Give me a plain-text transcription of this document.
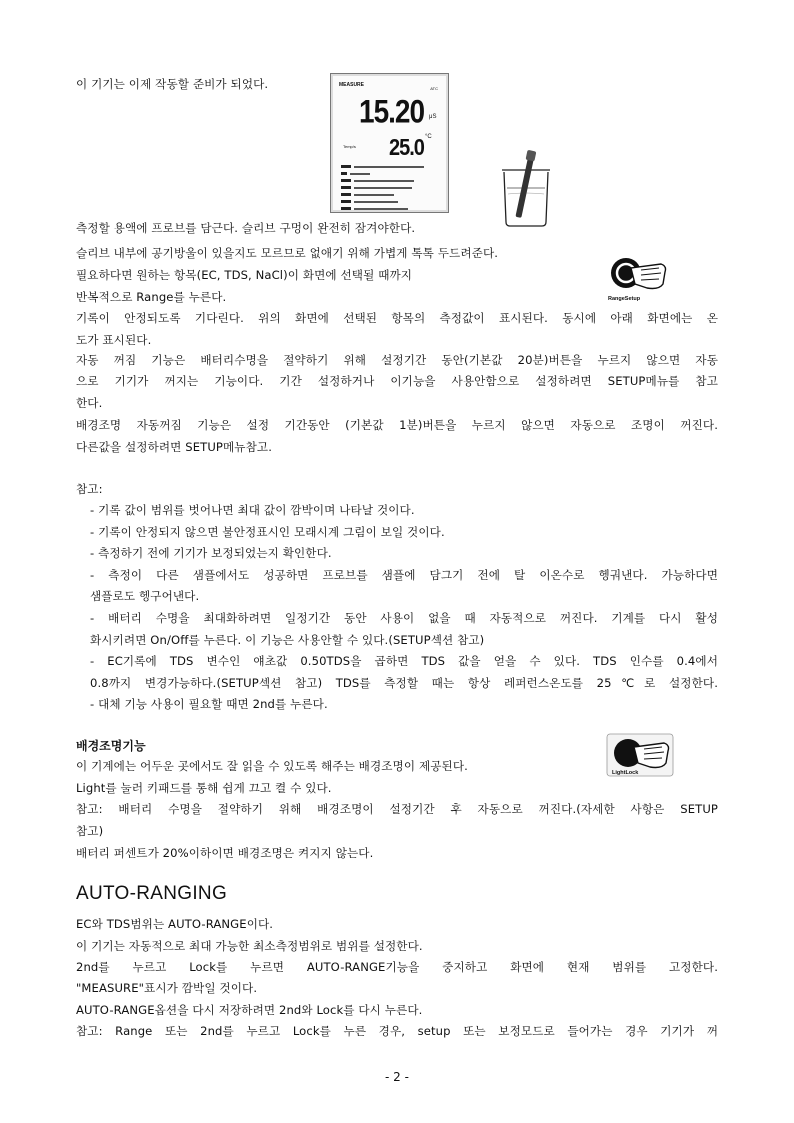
이 기기는 이제 작동할 준비가 되었다.	MEASURE
ATC
15.20 μS
Temp/s
°C
25.0
RangeSetup
측정할 용액에 프로브를 담근다. 슬리브 구멍이 완전히 잠겨야한다.
슬리브 내부에 공기방울이 있을지도 모르므로 없애기 위해 가볍게 톡톡 두드려준다.
필요하다면 원하는 항목(EC, TDS, NaCl)이 화면에 선택될 때까지
반복적으로 Range를 누른다.
기록이 안정되도록 기다린다. 위의 화면에 선택된 항목의 측정값이 표시된다. 동시에 아래 화면에는 온
도가 표시된다.
자동 꺼짐 기능은 배터리수명을 절약하기 위해 설정기간 동안(기본값 20분)버튼을 누르지 않으면 자동
으로 기기가 꺼지는 기능이다. 기간 설정하거나 이기능을 사용안함으로 설정하려면 SETUP메뉴를 참고
한다.
배경조명 자동꺼짐 기능은 설정 기간동안 (기본값 1분)버튼을 누르지 않으면 자동으로 조명이 꺼진다.
다른값을 설정하려면 SETUP메뉴참고.
참고:
- 기록 값이 범위를 벗어나면 최대 값이 깜박이며 나타날 것이다.
- 기록이 안정되지 않으면 불안정표시인 모래시계 그림이 보일 것이다.
- 측정하기 전에 기기가 보정되었는지 확인한다.
- 측정이 다른 샘플에서도 성공하면 프로브를 샘플에 담그기 전에 탈 이온수로 헹궈낸다. 가능하다면
샘플로도 헹구어낸다.
- 배터리 수명을 최대화하려면 일정기간 동안 사용이 없을 때 자동적으로 꺼진다. 기계를 다시 활성
화시키려면 On/Off를 누른다. 이 기능은 사용안할 수 있다.(SETUP섹션 참고)
- EC기록에 TDS 변수인 얘초값 0.50TDS을 곱하면 TDS 값을 얻을 수 있다. TDS 인수를 0.4에서
0.8까지 변경가능하다.(SETUP섹션 참고) TDS를 측정할 때는 항상 레퍼런스온도를 25℃로 설정한다.
- 대체 기능 사용이 필요할 때면 2nd를 누른다.
배경조명기능
이 기계에는 어두운 곳에서도 잘 읽을 수 있도록 해주는 배경조명이 제공된다.
Light를 눌러 키패드를 통해 쉽게 끄고 켤 수 있다.
참고: 배터리 수명을 절약하기 위해 배경조명이 설정기간 후 자동으로 꺼진다.(자세한 사항은 SETUP
참고)
배터리 퍼센트가 20%이하이면 배경조명은 켜지지 않는다.
LightLock
AUTO-RANGING
EC와 TDS범위는 AUTO-RANGE이다.
이 기기는 자동적으로 최대 가능한 최소측정범위로 범위를 설정한다.
2nd를 누르고 Lock를 누르면 AUTO-RANGE기능을 중지하고 화면에 현재 범위를 고정한다.
"MEASURE"표시가 깜박일 것이다.
AUTO-RANGE옵션을 다시 저장하려면 2nd와 Lock를 다시 누른다.
참고: Range 또는 2nd를 누르고 Lock를 누른 경우, setup 또는 보정모드로 들어가는 경우 기기가 꺼
- 2 -
